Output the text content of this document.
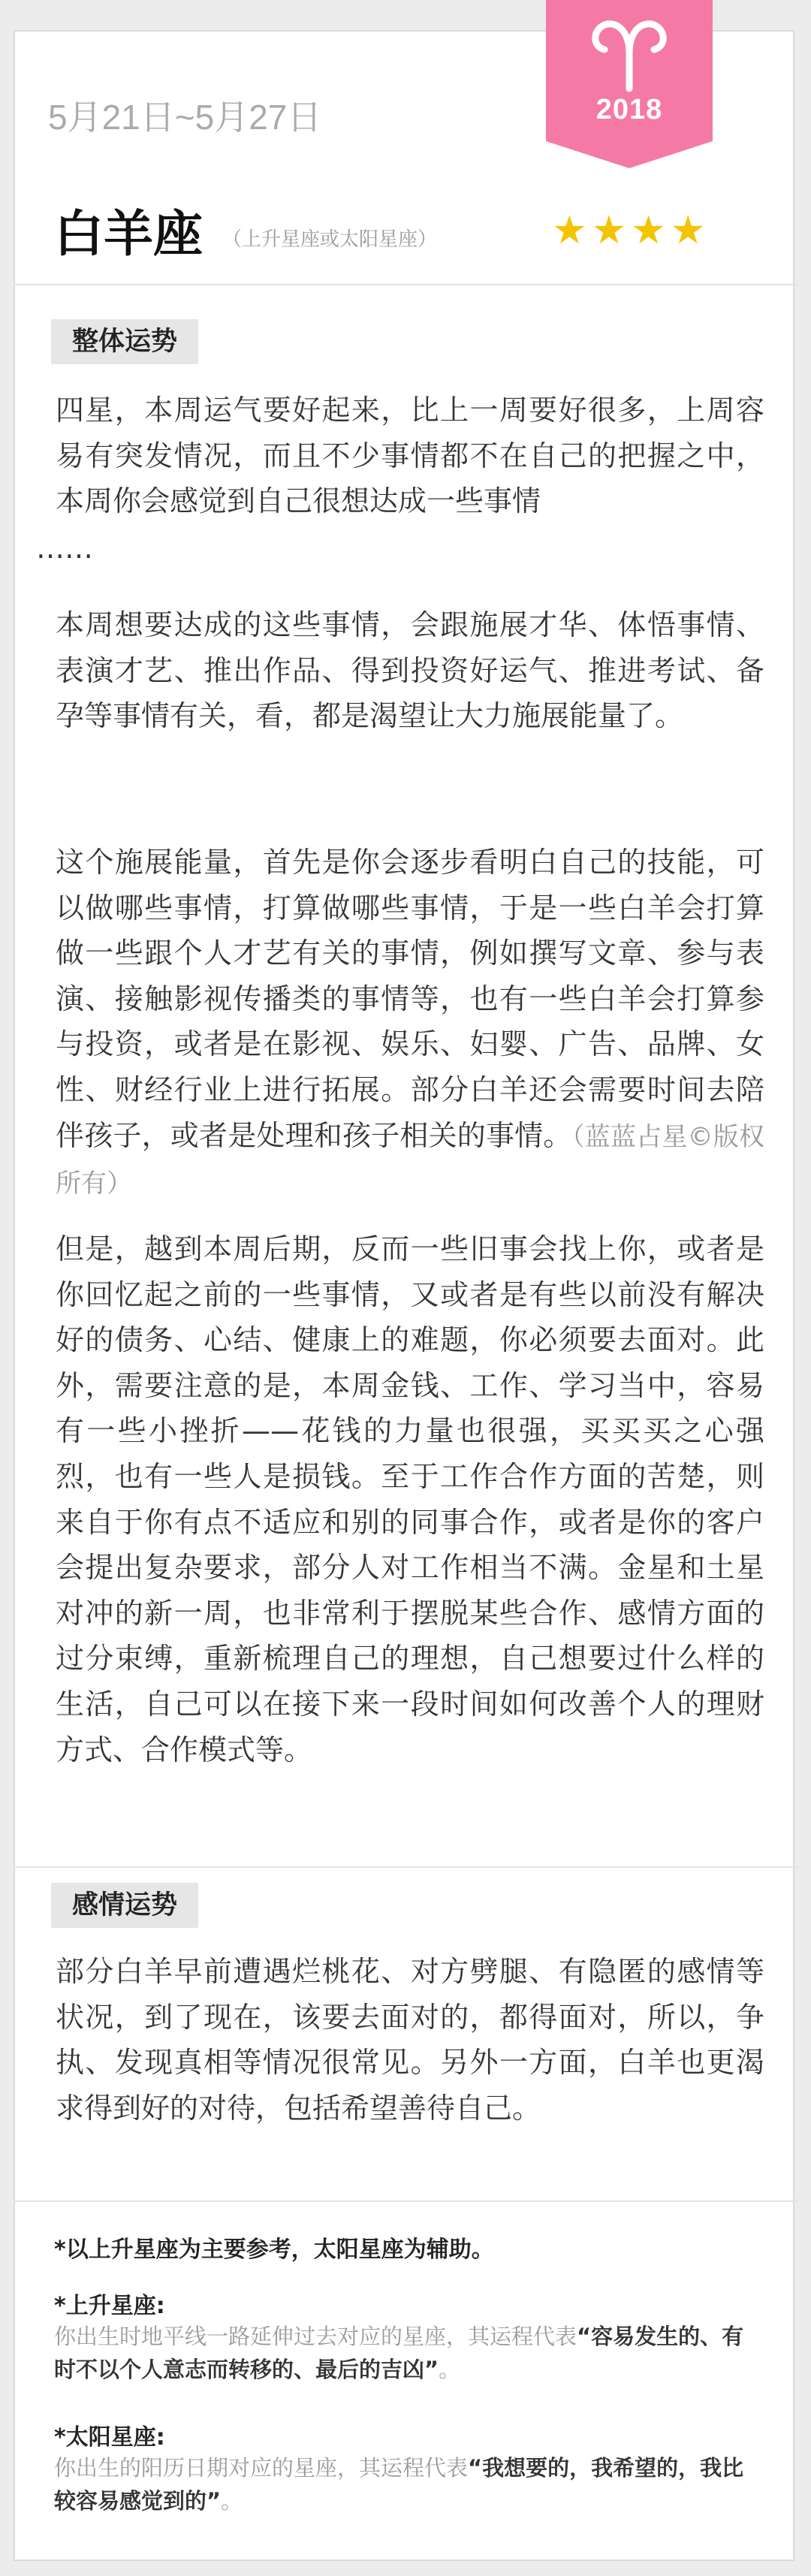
2018
5月21日~5月27日
白羊座 （上升星座或太阳星座）	★★★★
整体运势

四星，本周运气要好起来，比上一周要好很多，上周容易有突发情况，而且不少事情都不在自己的把握之中，本周你会感觉到自己很想达成一些事情

……

本周想要达成的这些事情，会跟施展才华、体悟事情、表演才艺、推出作品、得到投资好运气、推进考试、备孕等事情有关，看，都是渴望让大力施展能量了。

这个施展能量，首先是你会逐步看明白自己的技能，可以做哪些事情，打算做哪些事情，于是一些白羊会打算做一些跟个人才艺有关的事情，例如撰写文章、参与表演、接触影视传播类的事情等，也有一些白羊会打算参与投资，或者是在影视、娱乐、妇婴、广告、品牌、女性、财经行业上进行拓展。部分白羊还会需要时间去陪伴孩子，或者是处理和孩子相关的事情。（蓝蓝占星©版权所有）

但是，越到本周后期，反而一些旧事会找上你，或者是你回忆起之前的一些事情，又或者是有些以前没有解决好的债务、心结、健康上的难题，你必须要去面对。此外，需要注意的是，本周金钱、工作、学习当中，容易有一些小挫折——花钱的力量也很强，买买买之心强烈，也有一些人是损钱。至于工作合作方面的苦楚，则来自于你有点不适应和别的同事合作，或者是你的客户会提出复杂要求，部分人对工作相当不满。金星和土星对冲的新一周，也非常利于摆脱某些合作、感情方面的过分束缚，重新梳理自己的理想，自己想要过什么样的生活，自己可以在接下来一段时间如何改善个人的理财方式、合作模式等。

感情运势

部分白羊早前遭遇烂桃花、对方劈腿、有隐匿的感情等状况，到了现在，该要去面对的，都得面对，所以，争执、发现真相等情况很常见。另外一方面，白羊也更渴求得到好的对待，包括希望善待自己。

*以上升星座为主要参考，太阳星座为辅助。
*上升星座:
你出生时地平线一路延伸过去对应的星座，其运程代表“容易发生的、有时不以个人意志而转移的、最后的吉凶”。
*太阳星座:
你出生的阳历日期对应的星座，其运程代表“我想要的，我希望的，我比较容易感觉到的”。
